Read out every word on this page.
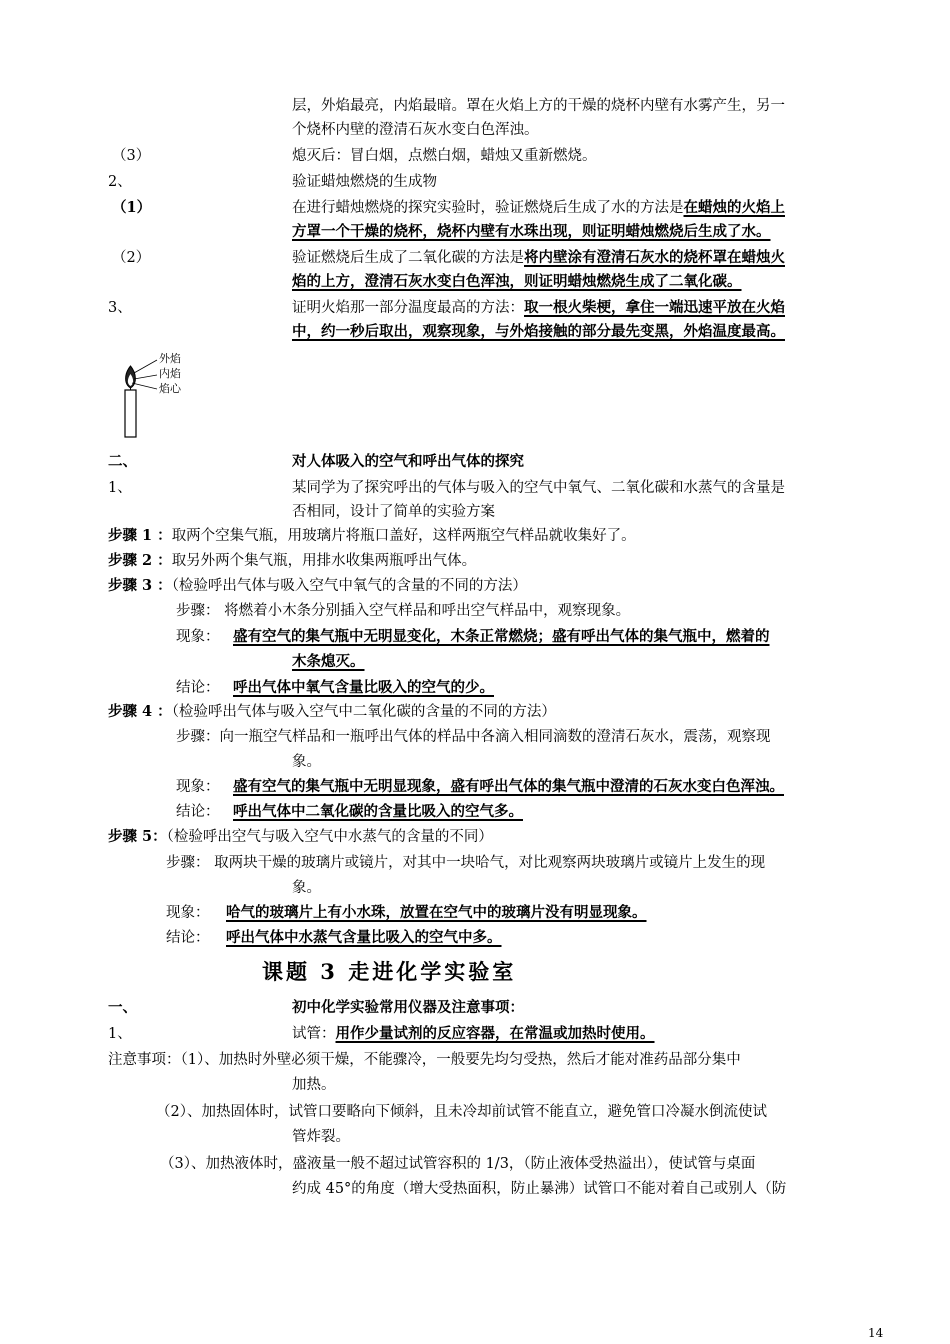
层，外焰最亮，内焰最暗。罩在火焰上方的干燥的烧杯内壁有水雾产生，另一
个烧杯内壁的澄清石灰水变白色浑浊。
（3）	熄灭后：冒白烟，点燃白烟，蜡烛又重新燃烧。
2、	验证蜡烛燃烧的生成物
（1）	在进行蜡烛燃烧的探究实验时，验证燃烧后生成了水的方法是在蜡烛的火焰上
方罩一个干燥的烧杯，烧杯内壁有水珠出现，则证明蜡烛燃烧后生成了水。
（2）	验证燃烧后生成了二氧化碳的方法是将内壁涂有澄清石灰水的烧杯罩在蜡烛火
焰的上方，澄清石灰水变白色浑浊，则证明蜡烛燃烧生成了二氧化碳。
3、	证明火焰那一部分温度最高的方法：取一根火柴梗，拿住一端迅速平放在火焰
中，约一秒后取出，观察现象，与外焰接触的部分最先变黑，外焰温度最高。
外焰
内焰
焰心
二、	对人体吸入的空气和呼出气体的探究
1、	某同学为了探究呼出的气体与吸入的空气中氧气、二氧化碳和水蒸气的含量是
否相同，设计了简单的实验方案
步骤 1 ：取两个空集气瓶，用玻璃片将瓶口盖好，这样两瓶空气样品就收集好了。
步骤 2 ：取另外两个集气瓶，用排水收集两瓶呼出气体。
步骤 3 ：（检验呼出气体与吸入空气中氧气的含量的不同的方法）
步骤： 将燃着小木条分别插入空气样品和呼出空气样品中，观察现象。
现象： 盛有空气的集气瓶中无明显变化，木条正常燃烧；盛有呼出气体的集气瓶中，燃着的
木条熄灭。
结论： 呼出气体中氧气含量比吸入的空气的少。
步骤 4 ：（检验呼出气体与吸入空气中二氧化碳的含量的不同的方法）
步骤：向一瓶空气样品和一瓶呼出气体的样品中各滴入相同滴数的澄清石灰水，震荡，观察现
象。
现象： 盛有空气的集气瓶中无明显现象，盛有呼出气体的集气瓶中澄清的石灰水变白色浑浊。
结论： 呼出气体中二氧化碳的含量比吸入的空气多。
步骤 5：（检验呼出空气与吸入空气中水蒸气的含量的不同）
步骤： 取两块干燥的玻璃片或镜片，对其中一块哈气，对比观察两块玻璃片或镜片上发生的现
象。
现象： 哈气的玻璃片上有小水珠，放置在空气中的玻璃片没有明显现象。
结论： 呼出气体中水蒸气含量比吸入的空气中多。
课题 3 走进化学实验室
一、	初中化学实验常用仪器及注意事项：
1、	试管：用作少量试剂的反应容器，在常温或加热时使用。
注意事项：（1）、加热时外壁必须干燥，不能骤冷，一般要先均匀受热，然后才能对准药品部分集中
加热。
（2）、加热固体时，试管口要略向下倾斜，且未冷却前试管不能直立，避免管口冷凝水倒流使试
管炸裂。
（3）、加热液体时，盛液量一般不超过试管容积的 1/3，（防止液体受热溢出），使试管与桌面
约成 45°的角度（增大受热面积，防止暴沸）试管口不能对着自己或别人（防
14
